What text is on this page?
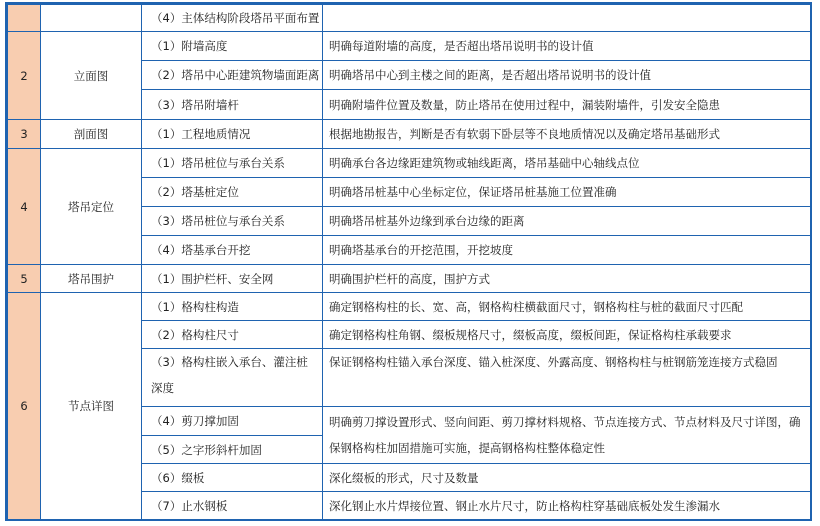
		（4）主体结构阶段塔吊平面布置	
2	立面图	（1）附墙高度	明确每道附墙的高度，是否超出塔吊说明书的设计值
		（2）塔吊中心距建筑物墙面距离	明确塔吊中心到主楼之间的距离，是否超出塔吊说明书的设计值
		（3）塔吊附墙杆	明确附墙件位置及数量，防止塔吊在使用过程中，漏装附墙件，引发安全隐患
3	剖面图	（1）工程地质情况	根据地勘报告，判断是否有软弱下卧层等不良地质情况以及确定塔吊基础形式
4	塔吊定位	（1）塔吊桩位与承台关系	明确承台各边缘距建筑物或轴线距离，塔吊基础中心轴线点位
		（2）塔基桩定位	明确塔吊桩基中心坐标定位，保证塔吊桩基施工位置准确
		（3）塔吊桩位与承台关系	明确塔吊桩基外边缘到承台边缘的距离
		（4）塔基承台开挖	明确塔基承台的开挖范围，开挖坡度
5	塔吊围护	（1）围护栏杆、安全网	明确围护栏杆的高度，围护方式
6	节点详图	（1）格构柱构造	确定钢格构柱的长、宽、高，钢格构柱横截面尺寸，钢格构柱与桩的截面尺寸匹配
		（2）格构柱尺寸	确定钢格构柱角钢、缀板规格尺寸，缀板高度，缀板间距，保证格构柱承载要求
		（3）格构柱嵌入承台、灌注桩深度	保证钢格构柱锚入承台深度、锚入桩深度、外露高度、钢格构柱与桩钢筋笼连接方式稳固
		（4）剪刀撑加固	明确剪刀撑设置形式、竖向间距、剪刀撑材料规格、节点连接方式、节点材料及尺寸详图，确保钢格构柱加固措施可实施，提高钢格构柱整体稳定性
		（5）之字形斜杆加固	
		（6）缀板	深化缀板的形式，尺寸及数量
		（7）止水钢板	深化钢止水片焊接位置、钢止水片尺寸，防止格构柱穿基础底板处发生渗漏水
